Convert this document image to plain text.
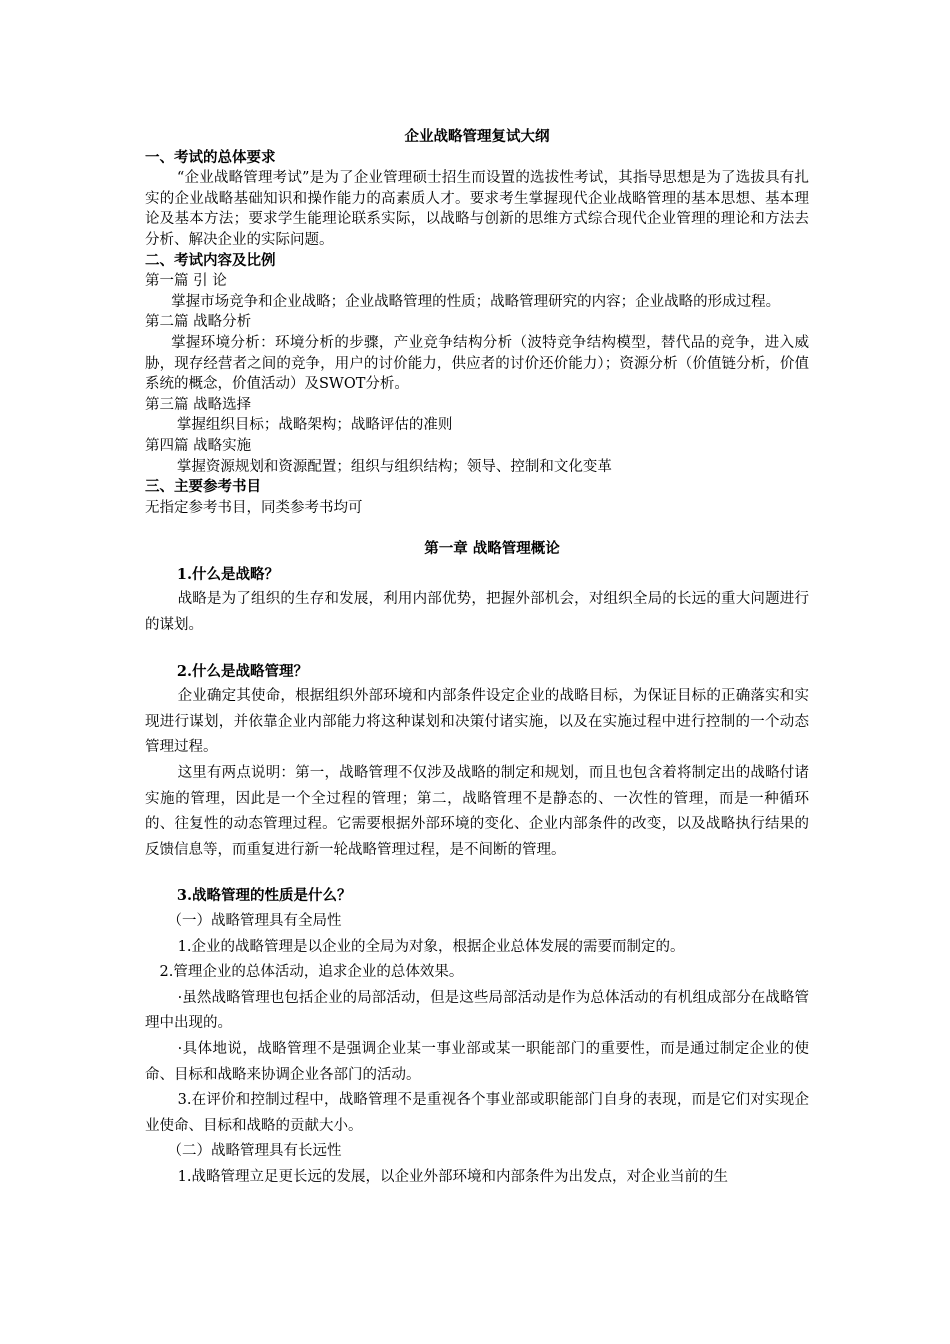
企业战略管理复试大纲

一、考试的总体要求

“企业战略管理考试”是为了企业管理硕士招生而设置的选拔性考试，其指导思想是为了选拔具有扎实的企业战略基础知识和操作能力的高素质人才。要求考生掌握现代企业战略管理的基本思想、基本理论及基本方法；要求学生能理论联系实际，以战略与创新的思维方式综合现代企业管理的理论和方法去分析、解决企业的实际问题。

二、考试内容及比例

第一篇 引 论

掌握市场竞争和企业战略；企业战略管理的性质；战略管理研究的内容；企业战略的形成过程。

第二篇 战略分析

掌握环境分析：环境分析的步骤，产业竞争结构分析（波特竞争结构模型，替代品的竞争，进入威胁，现存经营者之间的竞争，用户的讨价能力，供应者的讨价还价能力）；资源分析（价值链分析，价值系统的概念，价值活动）及SWOT分析。

第三篇 战略选择

掌握组织目标；战略架构；战略评估的准则

第四篇 战略实施

掌握资源规划和资源配置；组织与组织结构；领导、控制和文化变革

三、主要参考书目

无指定参考书目，同类参考书均可

第一章 战略管理概论

1.什么是战略？

战略是为了组织的生存和发展，利用内部优势，把握外部机会，对组织全局的长远的重大问题进行的谋划。

2.什么是战略管理？

企业确定其使命，根据组织外部环境和内部条件设定企业的战略目标，为保证目标的正确落实和实现进行谋划，并依靠企业内部能力将这种谋划和决策付诸实施，以及在实施过程中进行控制的一个动态管理过程。

这里有两点说明：第一，战略管理不仅涉及战略的制定和规划，而且也包含着将制定出的战略付诸实施的管理，因此是一个全过程的管理；第二，战略管理不是静态的、一次性的管理，而是一种循环的、往复性的动态管理过程。它需要根据外部环境的变化、企业内部条件的改变，以及战略执行结果的反馈信息等，而重复进行新一轮战略管理过程，是不间断的管理。

3.战略管理的性质是什么？

（一）战略管理具有全局性

1.企业的战略管理是以企业的全局为对象，根据企业总体发展的需要而制定的。

2.管理企业的总体活动，追求企业的总体效果。

·虽然战略管理也包括企业的局部活动，但是这些局部活动是作为总体活动的有机组成部分在战略管理中出现的。

·具体地说，战略管理不是强调企业某一事业部或某一职能部门的重要性，而是通过制定企业的使命、目标和战略来协调企业各部门的活动。

3.在评价和控制过程中，战略管理不是重视各个事业部或职能部门自身的表现，而是它们对实现企业使命、目标和战略的贡献大小。

（二）战略管理具有长远性

1.战略管理立足更长远的发展，以企业外部环境和内部条件为出发点，对企业当前的生
